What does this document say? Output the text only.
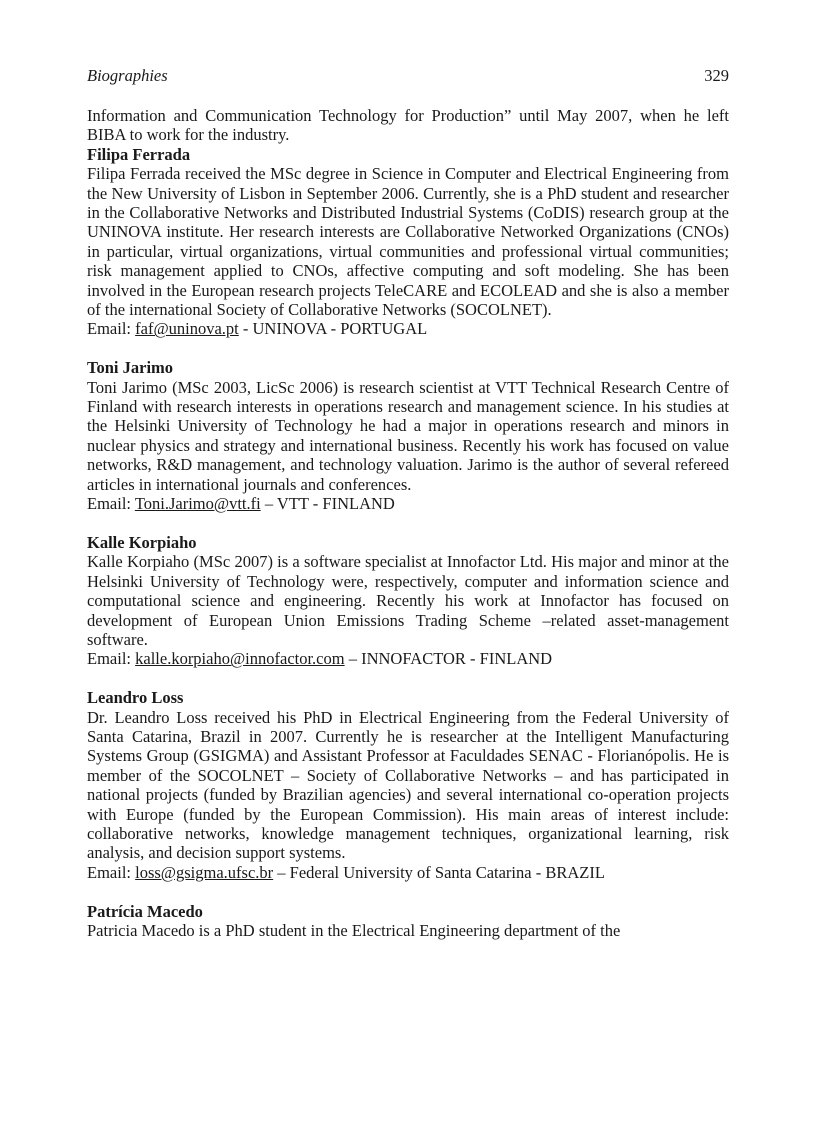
Biographies	329

Information and Communication Technology for Production” until May 2007, when he left BIBA to work for the industry.

Filipa Ferrada

Filipa Ferrada received the MSc degree in Science in Computer and Electrical Engineering from the New University of Lisbon in September 2006. Currently, she is a PhD student and researcher in the Collaborative Networks and Distributed Industrial Systems (CoDIS) research group at the UNINOVA institute. Her research interests are Collaborative Networked Organizations (CNOs) in particular, virtual organizations, virtual communities and professional virtual communities; risk management applied to CNOs, affective computing and soft modeling. She has been involved in the European research projects TeleCARE and ECOLEAD and she is also a member of the international Society of Collaborative Networks (SOCOLNET).

Email: faf@uninova.pt - UNINOVA - PORTUGAL

Toni Jarimo

Toni Jarimo (MSc 2003, LicSc 2006) is research scientist at VTT Technical Research Centre of Finland with research interests in operations research and management science. In his studies at the Helsinki University of Technology he had a major in operations research and minors in nuclear physics and strategy and international business. Recently his work has focused on value networks, R&D management, and technology valuation. Jarimo is the author of several refereed articles in international journals and conferences.

Email: Toni.Jarimo@vtt.fi – VTT - FINLAND

Kalle Korpiaho

Kalle Korpiaho (MSc 2007) is a software specialist at Innofactor Ltd. His major and minor at the Helsinki University of Technology were, respectively, computer and information science and computational science and engineering. Recently his work at Innofactor has focused on development of European Union Emissions Trading Scheme –related asset-management software.

Email: kalle.korpiaho@innofactor.com – INNOFACTOR - FINLAND

Leandro Loss

Dr. Leandro Loss received his PhD in Electrical Engineering from the Federal University of Santa Catarina, Brazil in 2007. Currently he is researcher at the Intelligent Manufacturing Systems Group (GSIGMA) and Assistant Professor at Faculdades SENAC - Florianópolis. He is member of the SOCOLNET – Society of Collaborative Networks – and has participated in national projects (funded by Brazilian agencies) and several international co-operation projects with Europe (funded by the European Commission). His main areas of interest include: collaborative networks, knowledge management techniques, organizational learning, risk analysis, and decision support systems.

Email: loss@gsigma.ufsc.br – Federal University of Santa Catarina - BRAZIL

Patrícia Macedo

Patricia Macedo is a PhD student in the Electrical Engineering department of the
